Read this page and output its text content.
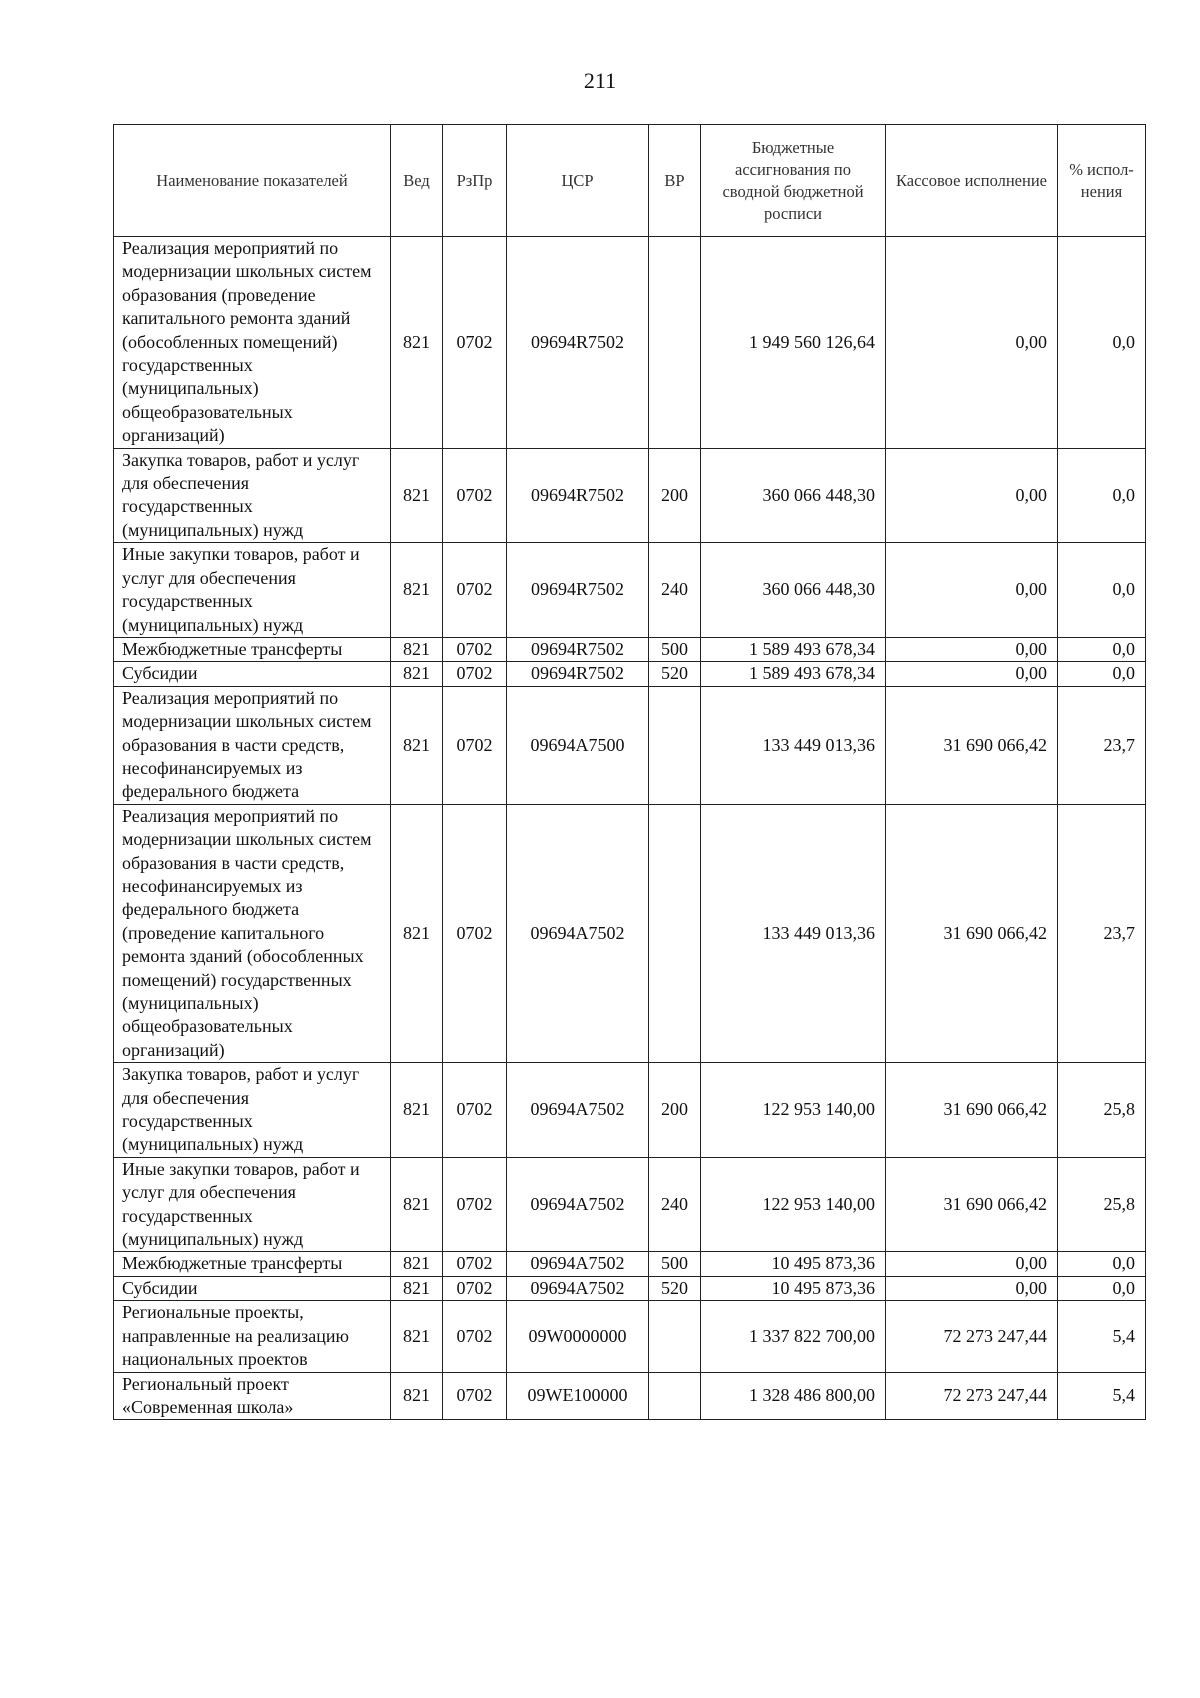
211
Наименование показателей	Вед	РзПр	ЦСР	ВР	Бюджетные ассигнования по сводной бюджетной росписи	Кассовое исполнение	% испол-нения
Реализация мероприятий по модернизации школьных систем образования (проведение капитального ремонта зданий (обособленных помещений) государственных (муниципальных) общеобразовательных организаций)	821	0702	09694R7502		1 949 560 126,64	0,00	0,0
Закупка товаров, работ и услуг для обеспечения государственных (муниципальных) нужд	821	0702	09694R7502	200	360 066 448,30	0,00	0,0
Иные закупки товаров, работ и услуг для обеспечения государственных (муниципальных) нужд	821	0702	09694R7502	240	360 066 448,30	0,00	0,0
Межбюджетные трансферты	821	0702	09694R7502	500	1 589 493 678,34	0,00	0,0
Субсидии	821	0702	09694R7502	520	1 589 493 678,34	0,00	0,0
Реализация мероприятий по модернизации школьных систем образования в части средств, несофинансируемых из федерального бюджета	821	0702	09694A7500		133 449 013,36	31 690 066,42	23,7
Реализация мероприятий по модернизации школьных систем образования в части средств, несофинансируемых из федерального бюджета (проведение капитального ремонта зданий (обособленных помещений) государственных (муниципальных) общеобразовательных организаций)	821	0702	09694A7502		133 449 013,36	31 690 066,42	23,7
Закупка товаров, работ и услуг для обеспечения государственных (муниципальных) нужд	821	0702	09694A7502	200	122 953 140,00	31 690 066,42	25,8
Иные закупки товаров, работ и услуг для обеспечения государственных (муниципальных) нужд	821	0702	09694A7502	240	122 953 140,00	31 690 066,42	25,8
Межбюджетные трансферты	821	0702	09694A7502	500	10 495 873,36	0,00	0,0
Субсидии	821	0702	09694A7502	520	10 495 873,36	0,00	0,0
Региональные проекты, направленные на реализацию национальных проектов	821	0702	09W0000000		1 337 822 700,00	72 273 247,44	5,4
Региональный проект «Современная школа»	821	0702	09WE100000		1 328 486 800,00	72 273 247,44	5,4
